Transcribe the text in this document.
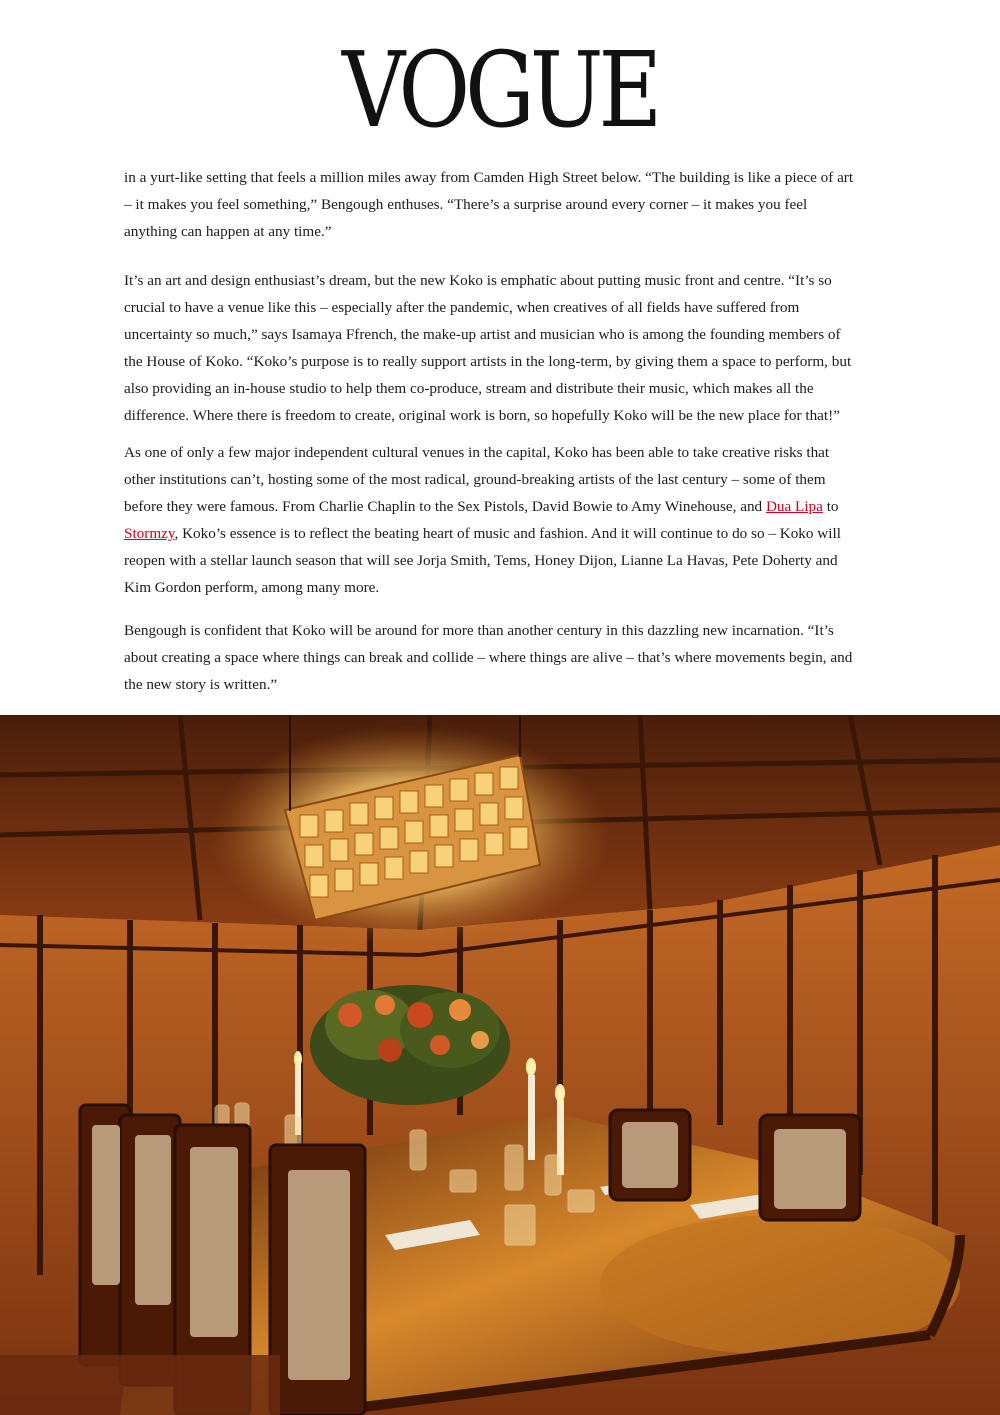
VOGUE

in a yurt-like setting that feels a million miles away from Camden High Street below. “The building is like a piece of art – it makes you feel something,” Bengough enthuses. “There’s a surprise around every corner – it makes you feel anything can happen at any time.”

It’s an art and design enthusiast’s dream, but the new Koko is emphatic about putting music front and centre. “It’s so crucial to have a venue like this – especially after the pandemic, when creatives of all fields have suffered from uncertainty so much,” says Isamaya Ffrench, the make-up artist and musician who is among the founding members of the House of Koko. “Koko’s purpose is to really support artists in the long-term, by giving them a space to perform, but also providing an in-house studio to help them co-produce, stream and distribute their music, which makes all the difference. Where there is freedom to create, original work is born, so hopefully Koko will be the new place for that!”

As one of only a few major independent cultural venues in the capital, Koko has been able to take creative risks that other institutions can’t, hosting some of the most radical, ground-breaking artists of the last century – some of them before they were famous. From Charlie Chaplin to the Sex Pistols, David Bowie to Amy Winehouse, and Dua Lipa to Stormzy, Koko’s essence is to reflect the beating heart of music and fashion. And it will continue to do so – Koko will reopen with a stellar launch season that will see Jorja Smith, Tems, Honey Dijon, Lianne La Havas, Pete Doherty and Kim Gordon perform, among many more.

Bengough is confident that Koko will be around for more than another century in this dazzling new incarnation. “It’s about creating a space where things can break and collide – where things are alive – that’s where movements begin, and the new story is written.”
